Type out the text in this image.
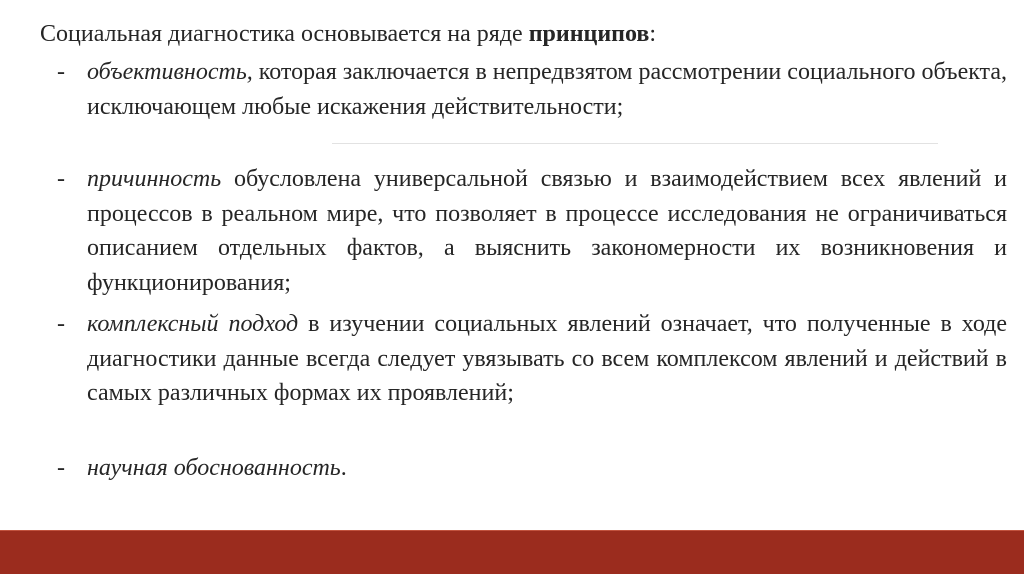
Социальная диагностика основывается на ряде принципов:
- объективность, которая заключается в непредвзятом рассмотрении социального объекта, исключающем любые искажения действительности;
- причинность обусловлена универсальной связью и взаимодействием всех явлений и процессов в реальном мире, что позволяет в процессе исследования не ограничиваться описанием отдельных фактов, а выяснить закономерности их возникновения и функционирования;
- комплексный подход в изучении социальных явлений означает, что полученные в ходе диагностики данные всегда следует увязывать со всем комплексом явлений и действий в самых различных формах их проявлений;
- научная обоснованность.
